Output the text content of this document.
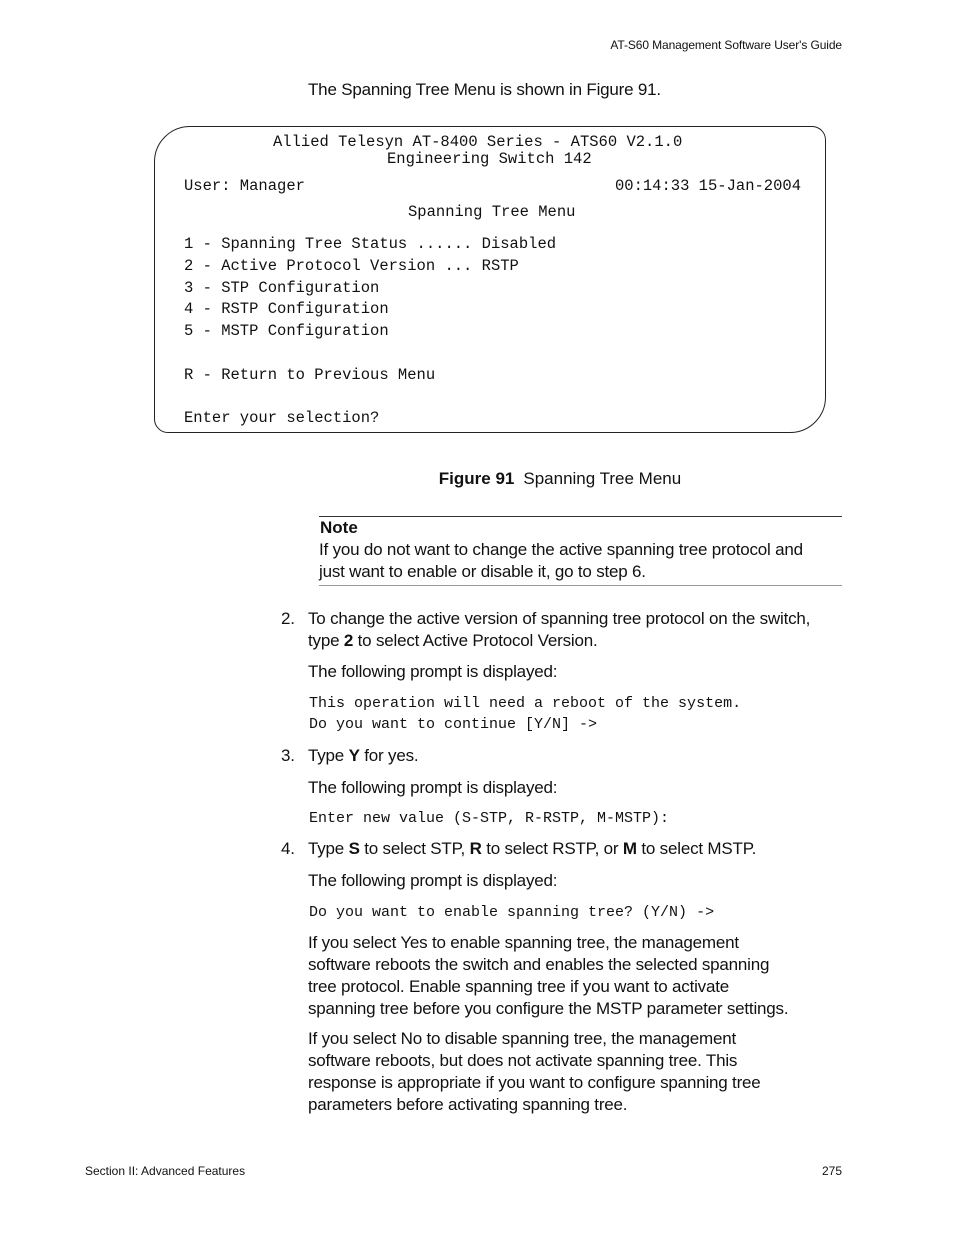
AT-S60 Management Software User's Guide
The Spanning Tree Menu is shown in Figure 91.
Allied Telesyn AT-8400 Series - ATS60 V2.1.0
Engineering Switch 142
User: Manager	00:14:33 15-Jan-2004
Spanning Tree Menu
1 - Spanning Tree Status ...... Disabled
2 - Active Protocol Version ... RSTP
3 - STP Configuration
4 - RSTP Configuration
5 - MSTP Configuration
R - Return to Previous Menu
Enter your selection?
Figure 91 Spanning Tree Menu
Note
If you do not want to change the active spanning tree protocol and
just want to enable or disable it, go to step 6.
2. To change the active version of spanning tree protocol on the switch,
type 2 to select Active Protocol Version.
The following prompt is displayed:
This operation will need a reboot of the system.
Do you want to continue [Y/N] ->
3. Type Y for yes.
The following prompt is displayed:
Enter new value (S-STP, R-RSTP, M-MSTP):
4. Type S to select STP, R to select RSTP, or M to select MSTP.
The following prompt is displayed:
Do you want to enable spanning tree? (Y/N) ->
If you select Yes to enable spanning tree, the management
software reboots the switch and enables the selected spanning
tree protocol. Enable spanning tree if you want to activate
spanning tree before you configure the MSTP parameter settings.
If you select No to disable spanning tree, the management
software reboots, but does not activate spanning tree. This
response is appropriate if you want to configure spanning tree
parameters before activating spanning tree.
Section II: Advanced Features	275
